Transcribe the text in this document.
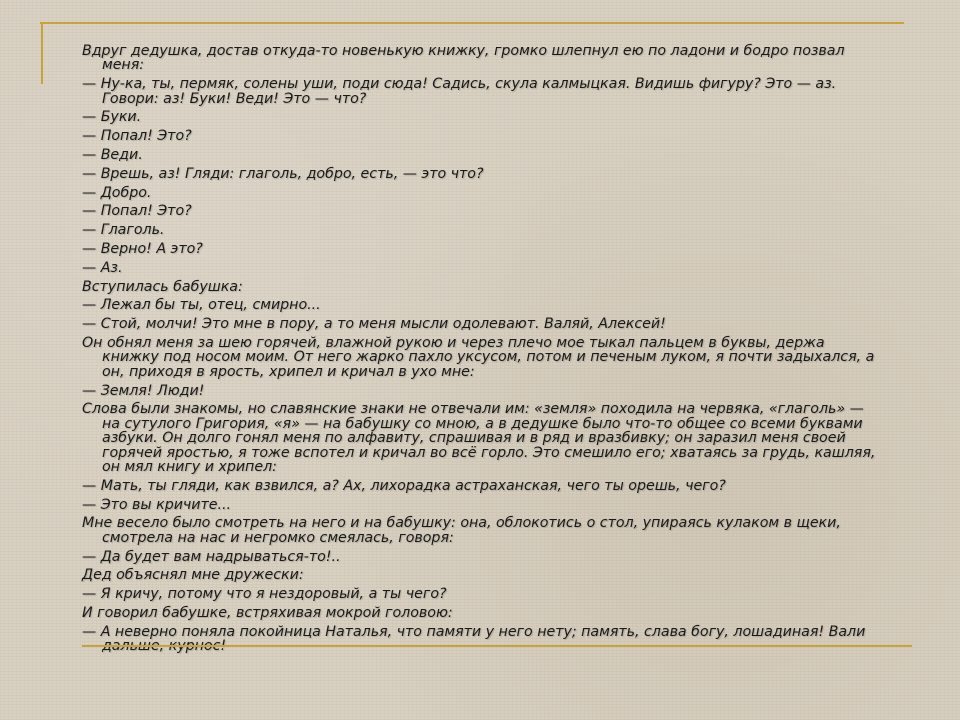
Вдруг дедушка, достав откуда-то новенькую книжку, громко шлепнул ею по ладони и бодро позвал меня:

— Ну-ка, ты, пермяк, солены уши, поди сюда! Садись, скула калмыцкая. Видишь фигуру? Это — аз. Говори: аз! Буки! Веди! Это — что?

— Буки.

— Попал! Это?

— Веди.

— Врешь, аз! Гляди: глаголь, добро, есть, — это что?

— Добро.

— Попал! Это?

— Глаголь.

— Верно! А это?

— Аз.

Вступилась бабушка:

— Лежал бы ты, отец, смирно...

— Стой, молчи! Это мне в пору, а то меня мысли одолевают. Валяй, Алексей!

Он обнял меня за шею горячей, влажной рукою и через плечо мое тыкал пальцем в буквы, держа книжку под носом моим. От него жарко пахло уксусом, потом и печеным луком, я почти задыхался, а он, приходя в ярость, хрипел и кричал в ухо мне:

— Земля! Люди!

Слова были знакомы, но славянские знаки не отвечали им: «земля» походила на червяка, «глаголь» — на сутулого Григория, «я» — на бабушку со мною, а в дедушке было что-то общее со всеми буквами азбуки. Он долго гонял меня по алфавиту, спрашивая и в ряд и вразбивку; он заразил меня своей горячей яростью, я тоже вспотел и кричал во всё горло. Это смешило его; хватаясь за грудь, кашляя, он мял книгу и хрипел:

— Мать, ты гляди, как взвился, а? Ах, лихорадка астраханская, чего ты орешь, чего?

— Это вы кричите...

Мне весело было смотреть на него и на бабушку: она, облокотись о стол, упираясь кулаком в щеки, смотрела на нас и негромко смеялась, говоря:

— Да будет вам надрываться-то!..

Дед объяснял мне дружески:

— Я кричу, потому что я нездоровый, а ты чего?

И говорил бабушке, встряхивая мокрой головою:

— А неверно поняла покойница Наталья, что памяти у него нету; память, слава богу, лошадиная! Вали
